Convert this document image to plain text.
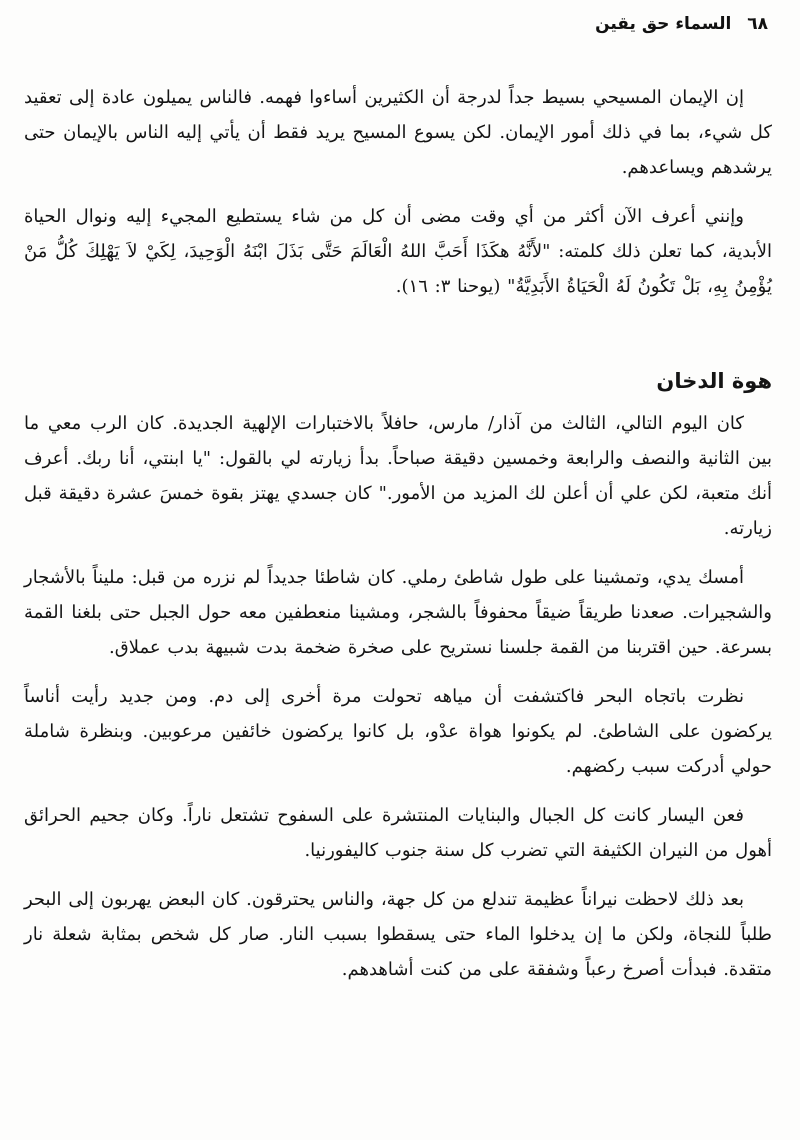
٦٨ السماء حق يقين

إن الإيمان المسيحي بسيط جداً لدرجة أن الكثيرين أساءوا فهمه. فالناس يميلون عادة إلى تعقيد كل شيء، بما في ذلك أمور الإيمان. لكن يسوع المسيح يريد فقط أن يأتي إليه الناس بالإيمان حتى يرشدهم ويساعدهم.

وإنني أعرف الآن أكثر من أي وقت مضى أن كل من شاء يستطيع المجيء إليه ونوال الحياة الأبدية، كما تعلن ذلك كلمته: "لأَنَّهُ هكَذَا أَحَبَّ اللهُ الْعَالَمَ حَتَّى بَذَلَ ابْنَهُ الْوَحِيدَ، لِكَيْ لاَ يَهْلِكَ كُلُّ مَنْ يُؤْمِنُ بِهِ، بَلْ تَكُونُ لَهُ الْحَيَاةُ الأَبَدِيَّةُ" (يوحنا ٣: ١٦).

هوة الدخان

كان اليوم التالي، الثالث من آذار/ مارس، حافلاً بالاختبارات الإلهية الجديدة. كان الرب معي ما بين الثانية والنصف والرابعة وخمسين دقيقة صباحاً. بدأ زيارته لي بالقول: "يا ابنتي، أنا ربك. أعرف أنك متعبة، لكن علي أن أعلن لك المزيد من الأمور." كان جسدي يهتز بقوة خمسَ عشرة دقيقة قبل زيارته.

أمسك يدي، وتمشينا على طول شاطئ رملي. كان شاطئا جديداً لم نزره من قبل: مليناً بالأشجار والشجيرات. صعدنا طريقاً ضيقاً محفوفاً بالشجر، ومشينا منعطفين معه حول الجبل حتى بلغنا القمة بسرعة. حين اقتربنا من القمة جلسنا نستريح على صخرة ضخمة بدت شبيهة بدب عملاق.

نظرت باتجاه البحر فاكتشفت أن مياهه تحولت مرة أخرى إلى دم. ومن جديد رأيت أناساً يركضون على الشاطئ. لم يكونوا هواة عدْو، بل كانوا يركضون خائفين مرعوبين. وبنظرة شاملة حولي أدركت سبب ركضهم.

فعن اليسار كانت كل الجبال والبنايات المنتشرة على السفوح تشتعل ناراً. وكان جحيم الحرائق أهول من النيران الكثيفة التي تضرب كل سنة جنوب كاليفورنيا.

بعد ذلك لاحظت نيراناً عظيمة تندلع من كل جهة، والناس يحترقون. كان البعض يهربون إلى البحر طلباً للنجاة، ولكن ما إن يدخلوا الماء حتى يسقطوا بسبب النار. صار كل شخص بمثابة شعلة نار متقدة. فبدأت أصرخ رعباً وشفقة على من كنت أشاهدهم.
